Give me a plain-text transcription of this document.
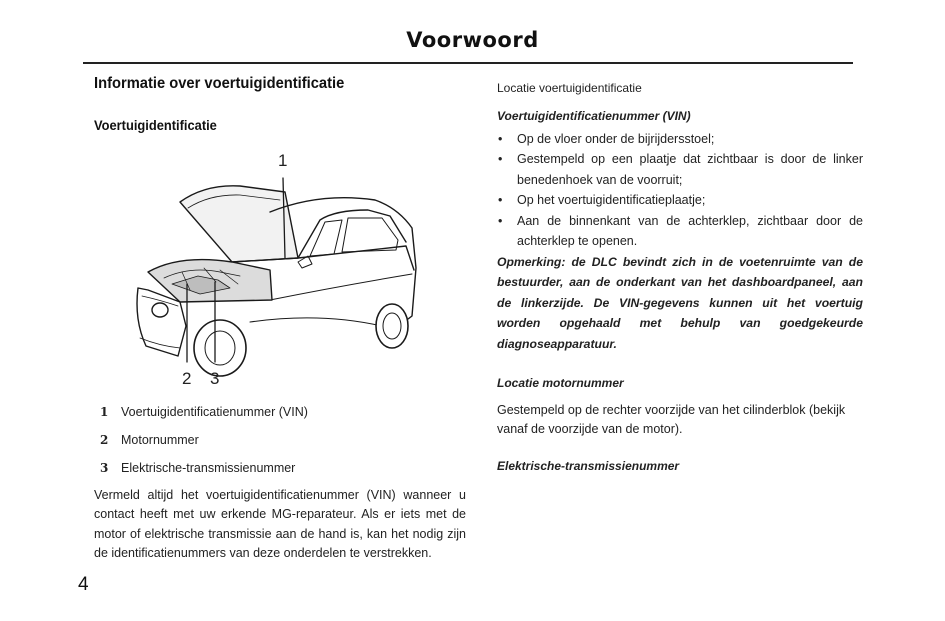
Voorwoord
Informatie over voertuigidentificatie
Voertuigidentificatie
1
2 3
1 Voertuigidentificatienummer (VIN)
2 Motornummer
3 Elektrische-transmissienummer
Vermeld altijd het voertuigidentificatienummer (VIN) wanneer u contact heeft met uw erkende MG-reparateur. Als er iets met de motor of elektrische transmissie aan de hand is, kan het nodig zijn de identificatienummers van deze onderdelen te verstrekken.
Locatie voertuigidentificatie
Voertuigidentificatienummer (VIN)
• Op de vloer onder de bijrijdersstoel;
• Gestempeld op een plaatje dat zichtbaar is door de linker benedenhoek van de voorruit;
• Op het voertuigidentificatieplaatje;
• Aan de binnenkant van de achterklep, zichtbaar door de achterklep te openen.
Opmerking: de DLC bevindt zich in de voetenruimte van de bestuurder, aan de onderkant van het dashboardpaneel, aan de linkerzijde. De VIN-gegevens kunnen uit het voertuig worden opgehaald met behulp van goedgekeurde diagnoseapparatuur.
Locatie motornummer
Gestempeld op de rechter voorzijde van het cilinderblok (bekijk vanaf de voorzijde van de motor).
Elektrische-transmissienummer
4
